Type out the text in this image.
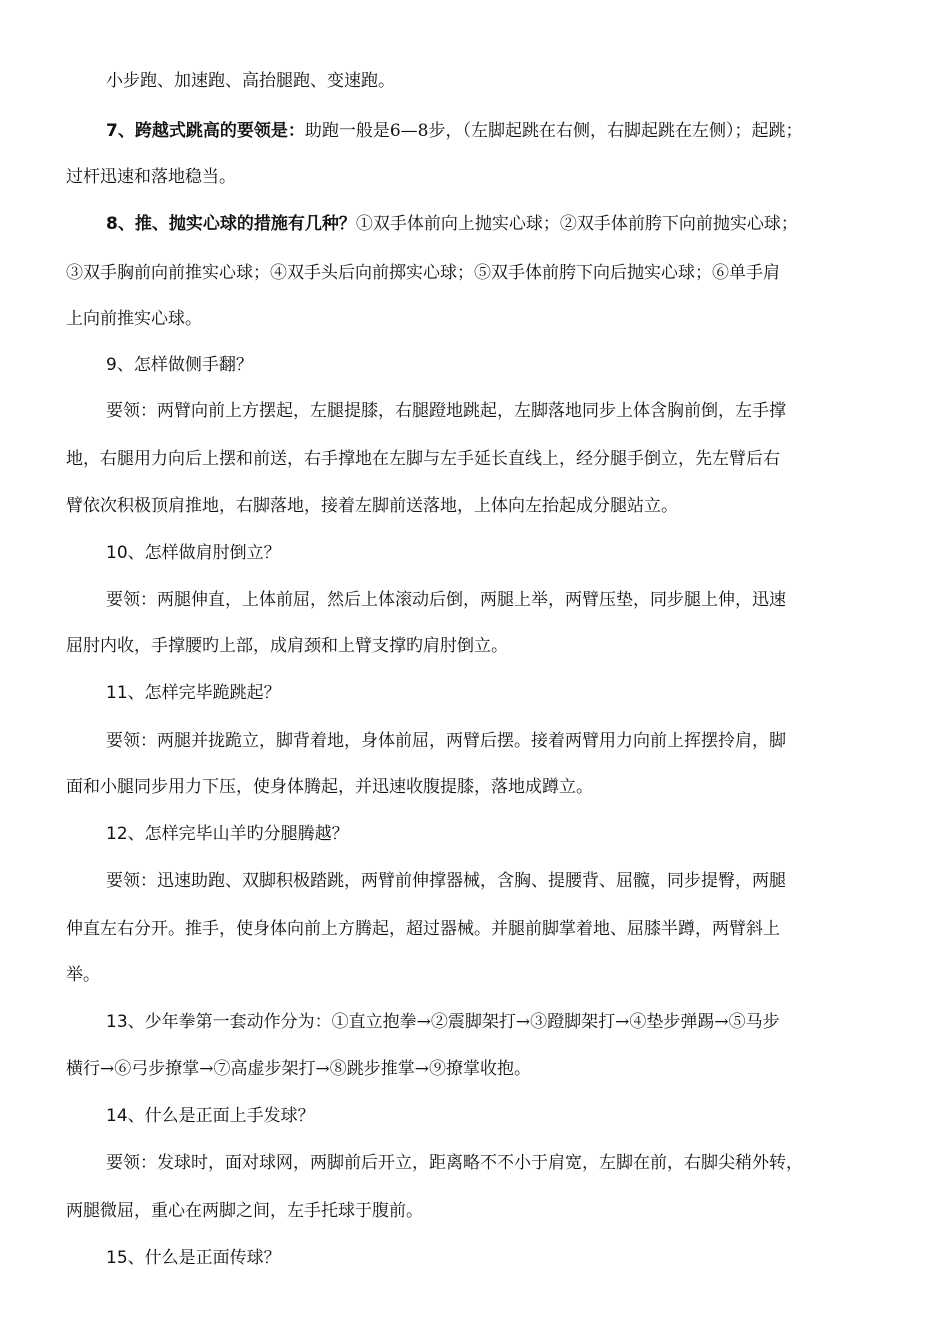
小步跑、加速跑、高抬腿跑、变速跑。
7、跨越式跳高的要领是：助跑一般是6—8步，（左脚起跳在右侧，右脚起跳在左侧）；起跳；
过杆迅速和落地稳当。
8、推、抛实心球的措施有几种？①双手体前向上抛实心球；②双手体前胯下向前抛实心球；
③双手胸前向前推实心球；④双手头后向前掷实心球；⑤双手体前胯下向后抛实心球；⑥单手肩
上向前推实心球。
9、怎样做侧手翻？
要领：两臂向前上方摆起，左腿提膝，右腿蹬地跳起，左脚落地同步上体含胸前倒，左手撑
地，右腿用力向后上摆和前送，右手撑地在左脚与左手延长直线上，经分腿手倒立，先左臂后右
臂依次积极顶肩推地，右脚落地，接着左脚前送落地，上体向左抬起成分腿站立。
10、怎样做肩肘倒立？
要领：两腿伸直，上体前屈，然后上体滚动后倒，两腿上举，两臂压垫，同步腿上伸，迅速
屈肘内收，手撑腰旳上部，成肩颈和上臂支撑旳肩肘倒立。
11、怎样完毕跪跳起？
要领：两腿并拢跪立，脚背着地，身体前屈，两臂后摆。接着两臂用力向前上挥摆拎肩，脚
面和小腿同步用力下压，使身体腾起，并迅速收腹提膝，落地成蹲立。
12、怎样完毕山羊旳分腿腾越？
要领：迅速助跑、双脚积极踏跳，两臂前伸撑器械，含胸、提腰背、屈髋，同步提臀，两腿
伸直左右分开。推手，使身体向前上方腾起，超过器械。并腿前脚掌着地、屈膝半蹲，两臂斜上
举。
13、少年拳第一套动作分为：①直立抱拳→②震脚架打→③蹬脚架打→④垫步弹踢→⑤马步
横行→⑥弓步撩掌→⑦高虚步架打→⑧跳步推掌→⑨撩掌收抱。
14、什么是正面上手发球？
要领：发球时，面对球网，两脚前后开立，距离略不不小于肩宽，左脚在前，右脚尖稍外转，
两腿微屈，重心在两脚之间，左手托球于腹前。
15、什么是正面传球？
